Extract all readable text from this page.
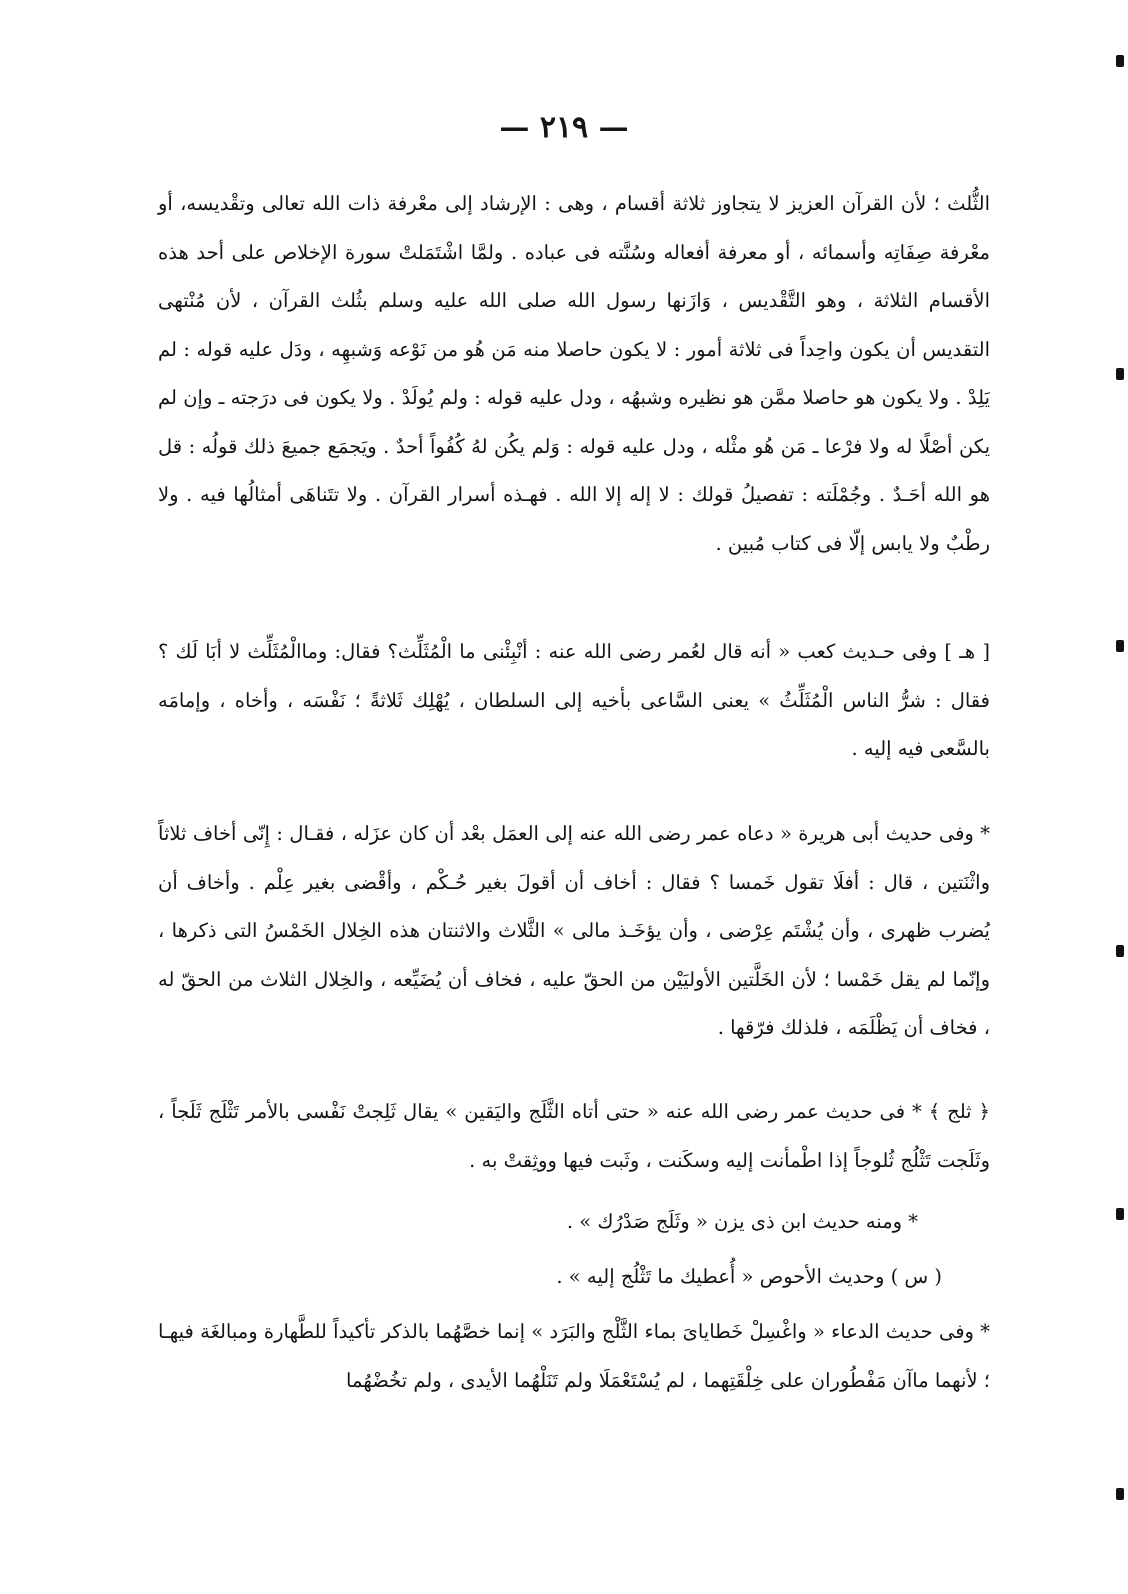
— ٢١٩ —

الثُّلث ؛ لأن القرآن العزيز لا يتجاوز ثلاثة أقسام ، وهى : الإرشاد إلى معْرفة ذات الله تعالى وتقْديسه، أو معْرفة صِفَاتِه وأسمائه ، أو معرفة أفعاله وسُنَّته فى عباده . ولمَّا اشْتَمَلتْ سورة الإخلاص على أحد هذه الأقسام الثلاثة ، وهو التَّقْديس ، وَازَنها رسول الله صلى الله عليه وسلم بثُلث القرآن ، لأن مُنْتهى التقديس أن يكون واحِداً فى ثلاثة أمور : لا يكون حاصلا منه مَن هُو من نَوْعه وَشبهِه ، ودَل عليه قوله : لم يَلِدْ . ولا يكون هو حاصلا ممَّن هو نظيره وشبهُه ، ودل عليه قوله : ولم يُولَدْ . ولا يكون فى درَجته ـ وإن لم يكن أصْلًا له ولا فرْعا ـ مَن هُو مثْله ، ودل عليه قوله : وَلم يكُن لهُ كُفُواً أحدٌ . ويَجمَع جميعَ ذلك قولُه : قل هو الله أحَـدٌ . وجُمْلَته : تفصيلُ قولك : لا إله إلا الله . فهـذه أسرار القرآن . ولا تتَناهَى أمثالُها فيه . ولا رطْبٌ ولا يابس إلّا فى كتاب مُبين .

[ هـ ] وفى حـديث كعب « أنه قال لعُمر رضى الله عنه : أنْبِئْنى ما الْمُثَلِّث؟ فقال: وماالْمُثَلِّث لا أبَا لَك ؟ فقال : شرُّ الناس الْمُثَلِّثُ » يعنى السَّاعى بأخيه إلى السلطان ، يُهْلِك ثَلاثةً ؛ نَفْسَه ، وأخاه ، وإمامَه بالسَّعى فيه إليه .

* وفى حديث أبى هريرة « دعاه عمر رضى الله عنه إلى العمَل بعْد أن كان عزَله ، فقـال : إِنّى أخاف ثلاثاً واثْنَتين ، قال : أفلَا تقول خَمسا ؟ فقال : أخاف أن أقولَ بغير حُـكْم ، وأقْضى بغير عِلْم . وأخاف أن يُضرب ظهرى ، وأن يُشْتَم عِرْضى ، وأن يؤخَـذ مالى » الثَّلاث والاثنتان هذه الخِلال الخَمْسُ التى ذكرها ، وإنّما لم يقل خَمْسا ؛ لأن الخَلَّتين الأوليَيْن من الحقّ عليه ، فخاف أن يُضَيِّعه ، والخِلال الثلاث من الحقّ له ، فخاف أن يَظْلَمَه ، فلذلك فرّقها .

﴿ ثلج ﴾ * فى حديث عمر رضى الله عنه « حتى أتاه الثَّلَج واليَقين » يقال ثَلِجتْ نَفْسى بالأمر تَثْلَج ثَلَجاً ، وثَلَجت تَثْلُج ثُلوجاً إذا اطْمأنت إليه وسكَنت ، وثَبت فيها ووثِقتْ به .

* ومنه حديث ابن ذى يزن « وثَلَج صَدْرُك » .

( س ) وحديث الأحوص « أُعطيك ما تَثْلُج إليه » .

* وفى حديث الدعاء « واغْسِلْ خَطاياىَ بماء الثَّلْج والبَرَد » إنما خصَّهُما بالذكر تأكيداً للطَّهارة ومبالغَة فيهـا ؛ لأنهما ماآن مَفْطُوران على خِلْقَتِهما ، لم يُسْتَعْمَلَا ولم تَنَلْهُما الأيدى ، ولم تخُضْهُما
